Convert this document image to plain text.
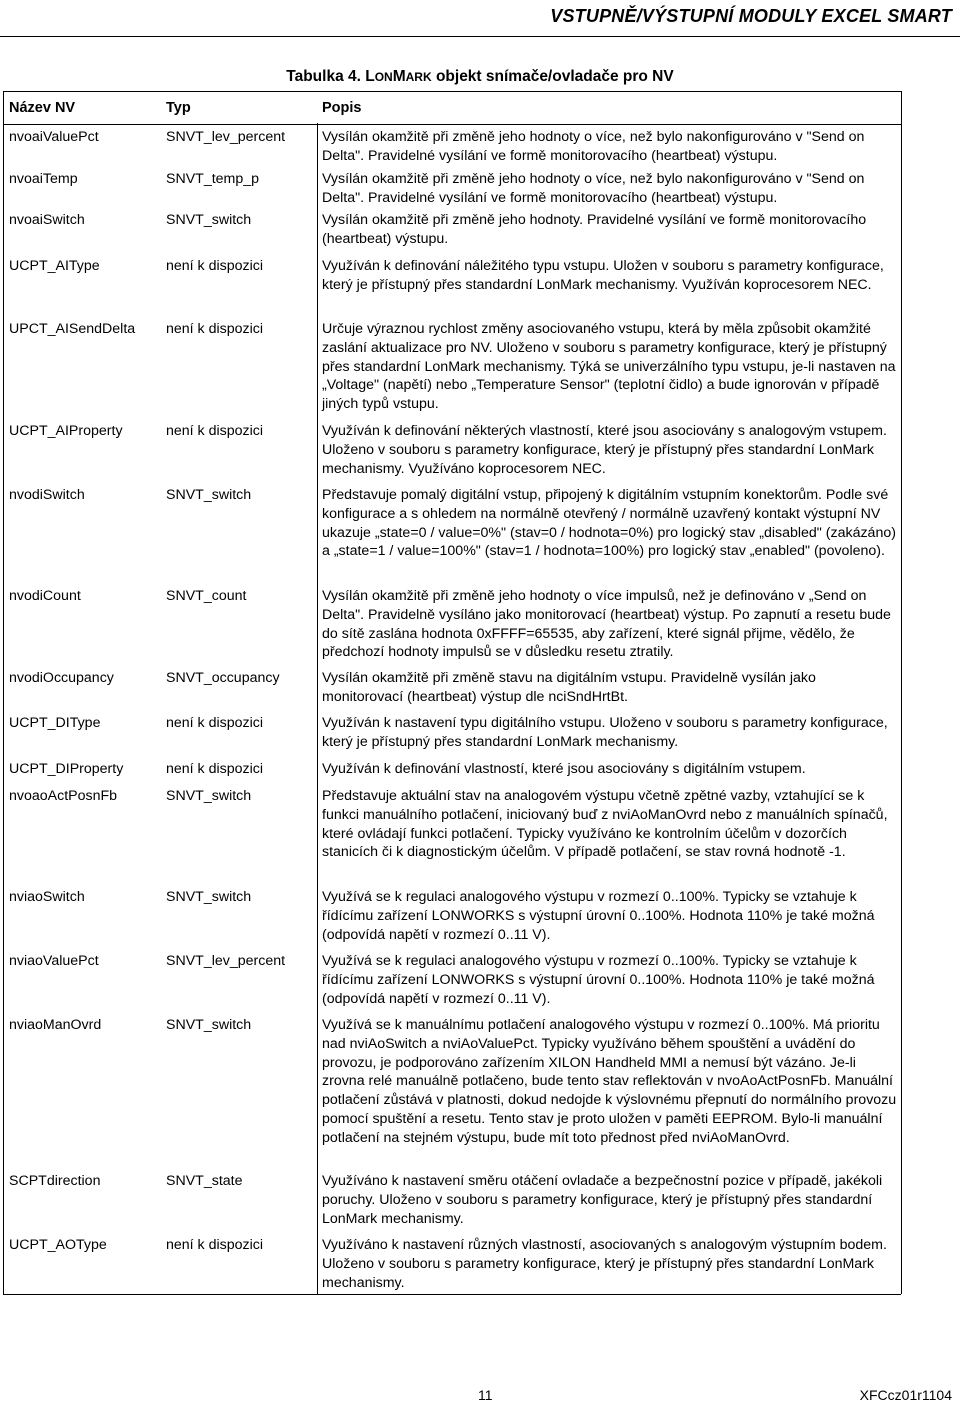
VSTUPNĚ/VÝSTUPNÍ MODULY EXCEL SMART
Tabulka 4. LONMARK objekt snímače/ovladače pro NV
Název NV	Typ	Popis
nvoaiValuePct	SNVT_lev_percent	Vysílán okamžitě při změně jeho hodnoty o více, než bylo nakonfigurováno v "Send on Delta". Pravidelné vysílání ve formě monitorovacího (heartbeat) výstupu.
nvoaiTemp	SNVT_temp_p	Vysílán okamžitě při změně jeho hodnoty o více, než bylo nakonfigurováno v "Send on Delta". Pravidelné vysílání ve formě monitorovacího (heartbeat) výstupu.
nvoaiSwitch	SNVT_switch	Vysílán okamžitě při změně jeho hodnoty. Pravidelné vysílání ve formě monitorovacího (heartbeat) výstupu.
UCPT_AIType	není k dispozici	Využíván k definování náležitého typu vstupu. Uložen v souboru s parametry konfigurace, který je přístupný přes standardní LonMark mechanismy. Využíván koprocesorem NEC.
UPCT_AISendDelta není k dispozici	Určuje výraznou rychlost změny asociovaného vstupu, která by měla způsobit okamžité zaslání aktualizace pro NV. Uloženo v souboru s parametry konfigurace, který je přístupný přes standardní LonMark mechanismy. Týká se univerzálního typu vstupu, je-li nastaven na „Voltage" (napětí) nebo „Temperature Sensor" (teplotní čidlo) a bude ignorován v případě jiných typů vstupu.
UCPT_AIProperty	není k dispozici	Využíván k definování některých vlastností, které jsou asociovány s analogovým vstupem. Uloženo v souboru s parametry konfigurace, který je přístupný přes standardní LonMark mechanismy. Využíváno koprocesorem NEC.
nvodiSwitch	SNVT_switch	Představuje pomalý digitální vstup, připojený k digitálním vstupním konektorům. Podle své konfigurace a s ohledem na normálně otevřený / normálně uzavřený kontakt výstupní NV ukazuje „state=0 / value=0%" (stav=0 / hodnota=0%) pro logický stav „disabled" (zakázáno) a „state=1 / value=100%" (stav=1 / hodnota=100%) pro logický stav „enabled" (povoleno).
nvodiCount	SNVT_count	Vysílán okamžitě při změně jeho hodnoty o více impulsů, než je definováno v „Send on Delta". Pravidelně vysíláno jako monitorovací (heartbeat) výstup. Po zapnutí a resetu bude do sítě zaslána hodnota 0xFFFF=65535, aby zařízení, které signál přijme, vědělo, že předchozí hodnoty impulsů se v důsledku resetu ztratily.
nvodiOccupancy	SNVT_occupancy	Vysílán okamžitě při změně stavu na digitálním vstupu. Pravidelně vysílán jako monitorovací (heartbeat) výstup dle nciSndHrtBt.
UCPT_DIType	není k dispozici	Využíván k nastavení typu digitálního vstupu. Uloženo v souboru s parametry konfigurace, který je přístupný přes standardní LonMark mechanismy.
UCPT_DIProperty	není k dispozici	Využíván k definování vlastností, které jsou asociovány s digitálním vstupem.
nvoaoActPosnFb	SNVT_switch	Představuje aktuální stav na analogovém výstupu včetně zpětné vazby, vztahující se k funkci manuálního potlačení, iniciovaný buď z nviAoManOvrd nebo z manuálních spínačů, které ovládají funkci potlačení. Typicky využíváno ke kontrolním účelům v dozorčích stanicích či k diagnostickým účelům. V případě potlačení, se stav rovná hodnotě -1.
nviaoSwitch	SNVT_switch	Využívá se k regulaci analogového výstupu v rozmezí 0..100%. Typicky se vztahuje k řídícímu zařízení LONWORKS s výstupní úrovní 0..100%. Hodnota 110% je také možná (odpovídá napětí v rozmezí 0..11 V).
nviaoValuePct	SNVT_lev_percent	Využívá se k regulaci analogového výstupu v rozmezí 0..100%. Typicky se vztahuje k řídícímu zařízení LONWORKS s výstupní úrovní 0..100%. Hodnota 110% je také možná (odpovídá napětí v rozmezí 0..11 V).
nviaoManOvrd	SNVT_switch	Využívá se k manuálnímu potlačení analogového výstupu v rozmezí 0..100%. Má prioritu nad nviAoSwitch a nviAoValuePct. Typicky využíváno během spouštění a uvádění do provozu, je podporováno zařízením XILON Handheld MMI a nemusí být vázáno. Je-li zrovna relé manuálně potlačeno, bude tento stav reflektován v nvoAoActPosnFb. Manuální potlačení zůstává v platnosti, dokud nedojde k výslovnému přepnutí do normálního provozu pomocí spuštění a resetu. Tento stav je proto uložen v paměti EEPROM. Bylo-li manuální potlačení na stejném výstupu, bude mít toto přednost před nviAoManOvrd.
SCPTdirection	SNVT_state	Využíváno k nastavení směru otáčení ovladače a bezpečnostní pozice v případě, jakékoli poruchy. Uloženo v souboru s parametry konfigurace, který je přístupný přes standardní LonMark mechanismy.
UCPT_AOType	není k dispozici	Využíváno k nastavení různých vlastností, asociovaných s analogovým výstupním bodem. Uloženo v souboru s parametry konfigurace, který je přístupný přes standardní LonMark mechanismy.
11	XFCcz01r1104
